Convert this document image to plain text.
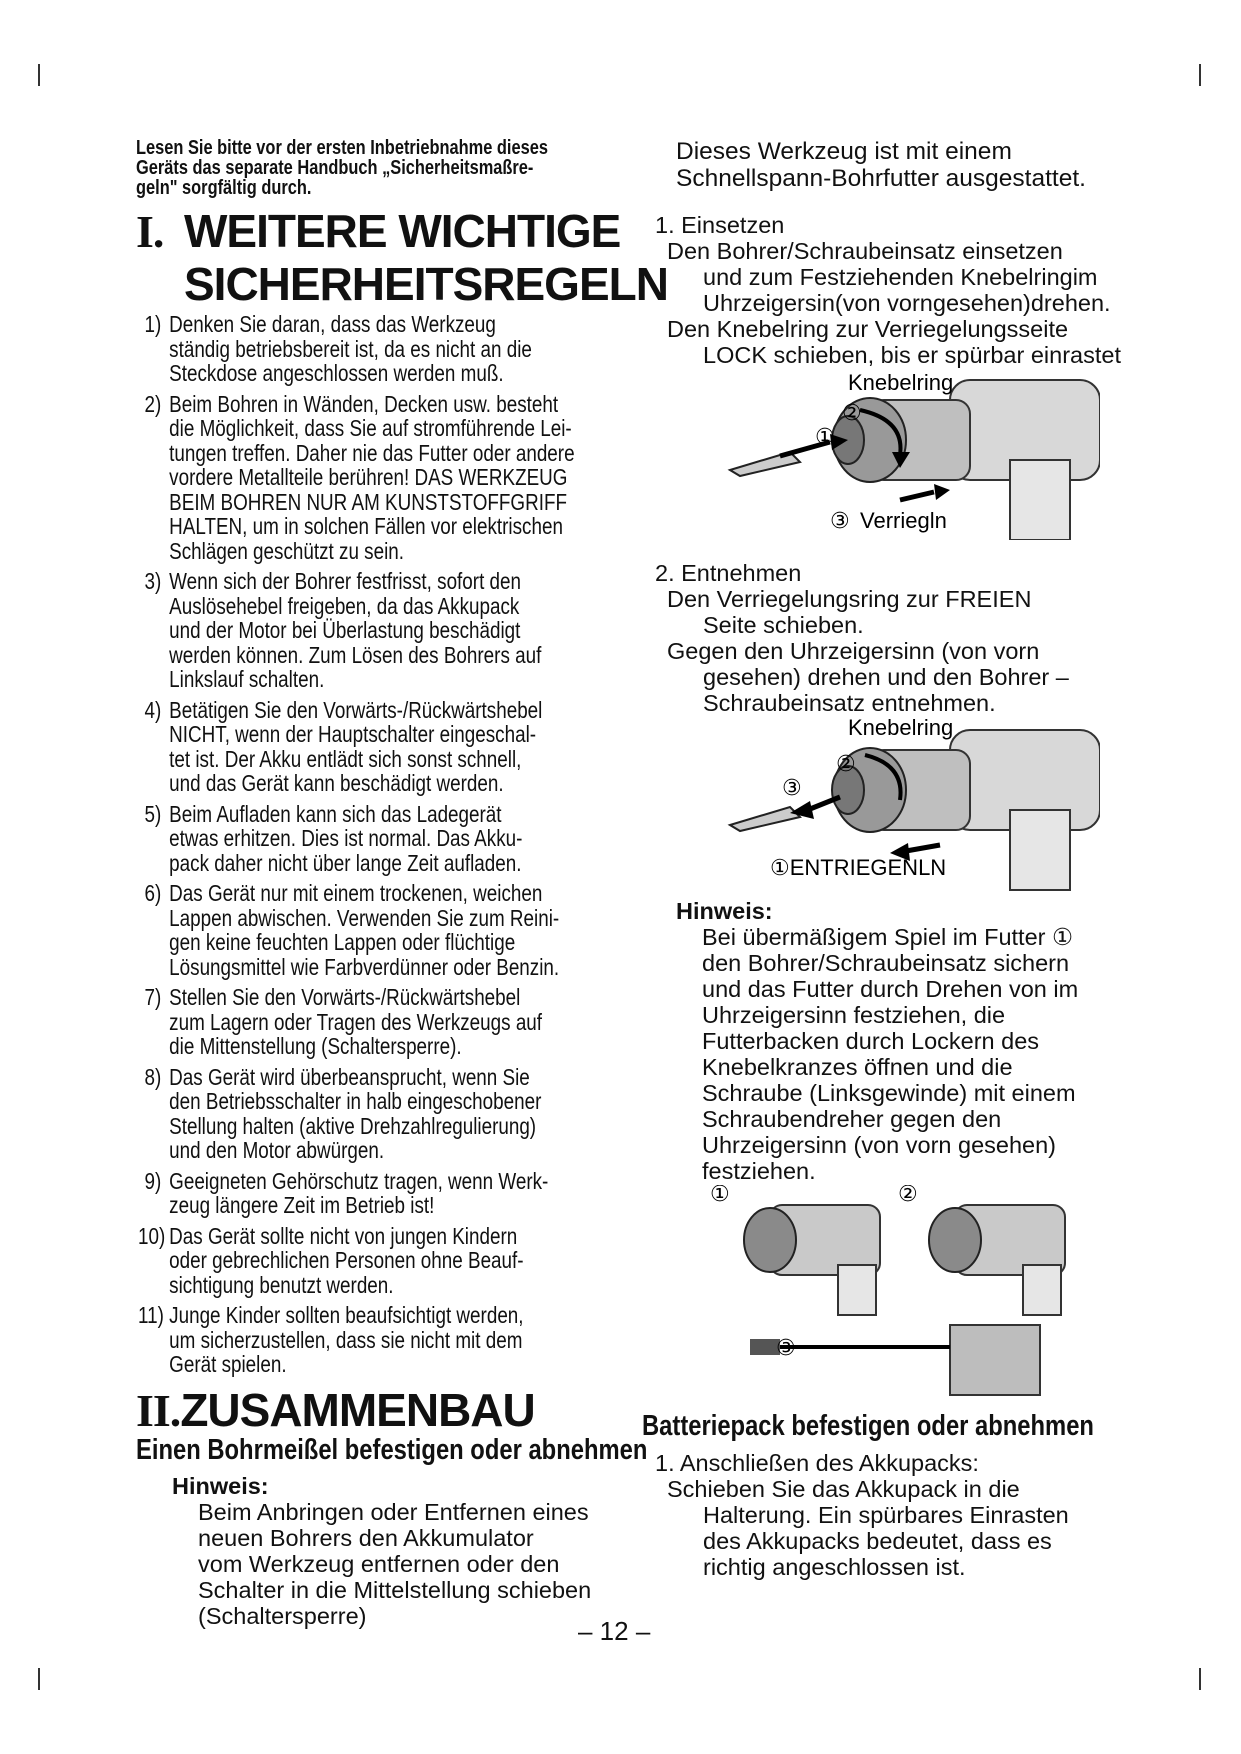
Lesen Sie bitte vor der ersten Inbetriebnahme dieses
Geräts das separate Handbuch „Sicherheitsmaßre-
geln" sorgfältig durch.
I. WEITERE WICHTIGE
SICHERHEITSREGELN
1) Denken Sie daran, dass das Werkzeug
ständig betriebsbereit ist, da es nicht an die
Steckdose angeschlossen werden muß.
2) Beim Bohren in Wänden, Decken usw. besteht
die Möglichkeit, dass Sie auf stromführende Lei-
tungen treffen. Daher nie das Futter oder andere
vordere Metallteile berühren! DAS WERKZEUG
BEIM BOHREN NUR AM KUNSTSTOFFGRIFF
HALTEN, um in solchen Fällen vor elektrischen
Schlägen geschützt zu sein.
3) Wenn sich der Bohrer festfrisst, sofort den
Auslösehebel freigeben, da das Akkupack
und der Motor bei Überlastung beschädigt
werden können. Zum Lösen des Bohrers auf
Linkslauf schalten.
4) Betätigen Sie den Vorwärts-/Rückwärtshebel
NICHT, wenn der Hauptschalter eingeschal-
tet ist. Der Akku entlädt sich sonst schnell,
und das Gerät kann beschädigt werden.
5) Beim Aufladen kann sich das Ladegerät
etwas erhitzen. Dies ist normal. Das Akku-
pack daher nicht über lange Zeit aufladen.
6) Das Gerät nur mit einem trockenen, weichen
Lappen abwischen. Verwenden Sie zum Reini-
gen keine feuchten Lappen oder flüchtige
Lösungsmittel wie Farbverdünner oder Benzin.
7) Stellen Sie den Vorwärts-/Rückwärtshebel
zum Lagern oder Tragen des Werkzeugs auf
die Mittenstellung (Schaltersperre).
8) Das Gerät wird überbeansprucht, wenn Sie
den Betriebsschalter in halb eingeschobener
Stellung halten (aktive Drehzahlregulierung)
und den Motor abwürgen.
9) Geeigneten Gehörschutz tragen, wenn Werk-
zeug längere Zeit im Betrieb ist!
10) Das Gerät sollte nicht von jungen Kindern
oder gebrechlichen Personen ohne Beauf-
sichtigung benutzt werden.
11) Junge Kinder sollten beaufsichtigt werden,
um sicherzustellen, dass sie nicht mit dem
Gerät spielen.
II.ZUSAMMENBAU
Einen Bohrmeißel befestigen oder abnehmen
Hinweis:
Beim Anbringen oder Entfernen eines
neuen Bohrers den Akkumulator
vom Werkzeug entfernen oder den
Schalter in die Mittelstellung schieben
(Schaltersperre)
Dieses Werkzeug ist mit einem
Schnellspann-Bohrfutter ausgestattet.
1. Einsetzen
Den Bohrer/Schraubeinsatz einsetzen
und zum Festziehenden Knebelringim
Uhrzeigersin(von vorngesehen)drehen.
Den Knebelring zur Verriegelungsseite
LOCK schieben, bis er spürbar einrastet
Knebelring
①
②
③ Verriegln
2. Entnehmen
Den Verriegelungsring zur FREIEN
Seite schieben.
Gegen den Uhrzeigersinn (von vorn
gesehen) drehen und den Bohrer –
Schraubeinsatz entnehmen.
Knebelring
③
②
①ENTRIEGENLN
Hinweis:
Bei übermäßigem Spiel im Futter ①
den Bohrer/Schraubeinsatz sichern
und das Futter durch Drehen von im
Uhrzeigersinn festziehen, die
Futterbacken durch Lockern des
Knebelkranzes öffnen und die
Schraube (Linksgewinde) mit einem
Schraubendreher gegen den
Uhrzeigersinn (von vorn gesehen)
festziehen.
①	②
③
Batteriepack befestigen oder abnehmen
1. Anschließen des Akkupacks:
Schieben Sie das Akkupack in die
Halterung. Ein spürbares Einrasten
des Akkupacks bedeutet, dass es
richtig angeschlossen ist.
– 12 –
